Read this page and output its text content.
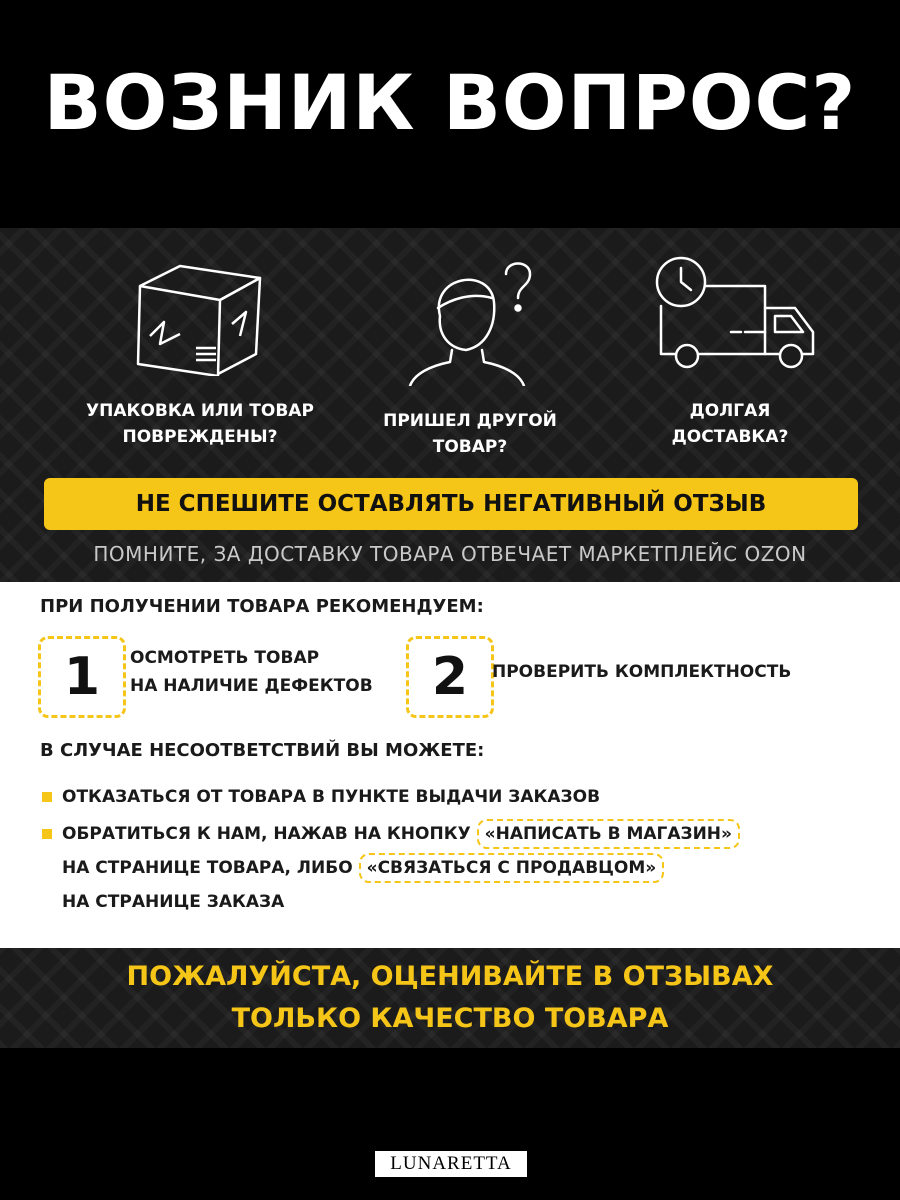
ВОЗНИК ВОПРОС?
УПАКОВКА ИЛИ ТОВАР
ПОВРЕЖДЕНЫ?
ПРИШЕЛ ДРУГОЙ
ТОВАР?
ДОЛГАЯ
ДОСТАВКА?
НЕ СПЕШИТЕ ОСТАВЛЯТЬ НЕГАТИВНЫЙ ОТЗЫВ
ПОМНИТЕ, ЗА ДОСТАВКУ ТОВАРА ОТВЕЧАЕТ МАРКЕТПЛЕЙС OZON
ПРИ ПОЛУЧЕНИИ ТОВАРА РЕКОМЕНДУЕМ:
1	ОСМОТРЕТЬ ТОВАР
НА НАЛИЧИЕ ДЕФЕКТОВ	2	ПРОВЕРИТЬ КОМПЛЕКТНОСТЬ
В СЛУЧАЕ НЕСООТВЕТСТВИЙ ВЫ МОЖЕТЕ:
ОТКАЗАТЬСЯ ОТ ТОВАРА В ПУНКТЕ ВЫДАЧИ ЗАКАЗОВ
ОБРАТИТЬСЯ К НАМ, НАЖАВ НА КНОПКУ «НАПИСАТЬ В МАГАЗИН»
НА СТРАНИЦЕ ТОВАРА, ЛИБО «СВЯЗАТЬСЯ С ПРОДАВЦОМ»
НА СТРАНИЦЕ ЗАКАЗА
ПОЖАЛУЙСТА, ОЦЕНИВАЙТЕ В ОТЗЫВАХ
ТОЛЬКО КАЧЕСТВО ТОВАРА
LUNARETTA
